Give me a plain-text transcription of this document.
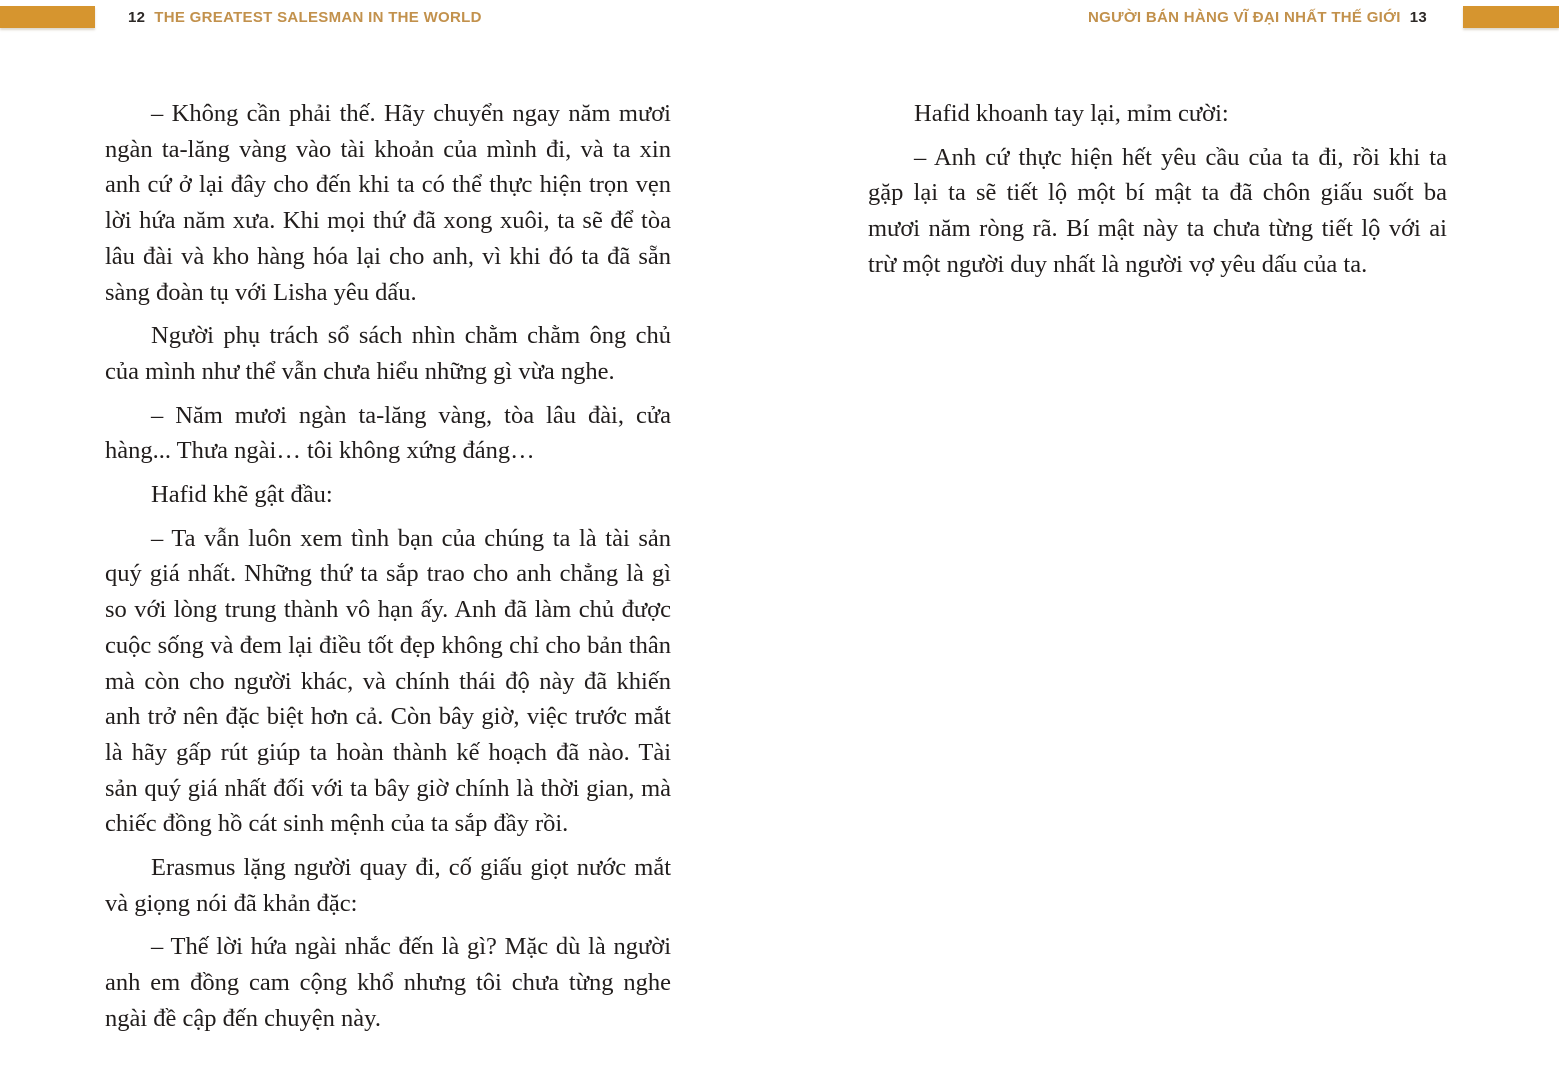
12 THE GREATEST SALESMAN IN THE WORLD	NGƯỜI BÁN HÀNG VĨ ĐẠI NHẤT THẾ GIỚI 13

– Không cần phải thế. Hãy chuyển ngay năm mươi ngàn ta-lăng vàng vào tài khoản của mình đi, và ta xin anh cứ ở lại đây cho đến khi ta có thể thực hiện trọn vẹn lời hứa năm xưa. Khi mọi thứ đã xong xuôi, ta sẽ để tòa lâu đài và kho hàng hóa lại cho anh, vì khi đó ta đã sẵn sàng đoàn tụ với Lisha yêu dấu.

Người phụ trách sổ sách nhìn chằm chằm ông chủ của mình như thể vẫn chưa hiểu những gì vừa nghe.

– Năm mươi ngàn ta-lăng vàng, tòa lâu đài, cửa hàng... Thưa ngài… tôi không xứng đáng…

Hafid khẽ gật đầu:

– Ta vẫn luôn xem tình bạn của chúng ta là tài sản quý giá nhất. Những thứ ta sắp trao cho anh chẳng là gì so với lòng trung thành vô hạn ấy. Anh đã làm chủ được cuộc sống và đem lại điều tốt đẹp không chỉ cho bản thân mà còn cho người khác, và chính thái độ này đã khiến anh trở nên đặc biệt hơn cả. Còn bây giờ, việc trước mắt là hãy gấp rút giúp ta hoàn thành kế hoạch đã nào. Tài sản quý giá nhất đối với ta bây giờ chính là thời gian, mà chiếc đồng hồ cát sinh mệnh của ta sắp đầy rồi.

Erasmus lặng người quay đi, cố giấu giọt nước mắt và giọng nói đã khản đặc:

– Thế lời hứa ngài nhắc đến là gì? Mặc dù là người anh em đồng cam cộng khổ nhưng tôi chưa từng nghe ngài đề cập đến chuyện này.

Hafid khoanh tay lại, mỉm cười:

– Anh cứ thực hiện hết yêu cầu của ta đi, rồi khi ta gặp lại ta sẽ tiết lộ một bí mật ta đã chôn giấu suốt ba mươi năm ròng rã. Bí mật này ta chưa từng tiết lộ với ai trừ một người duy nhất là người vợ yêu dấu của ta.
